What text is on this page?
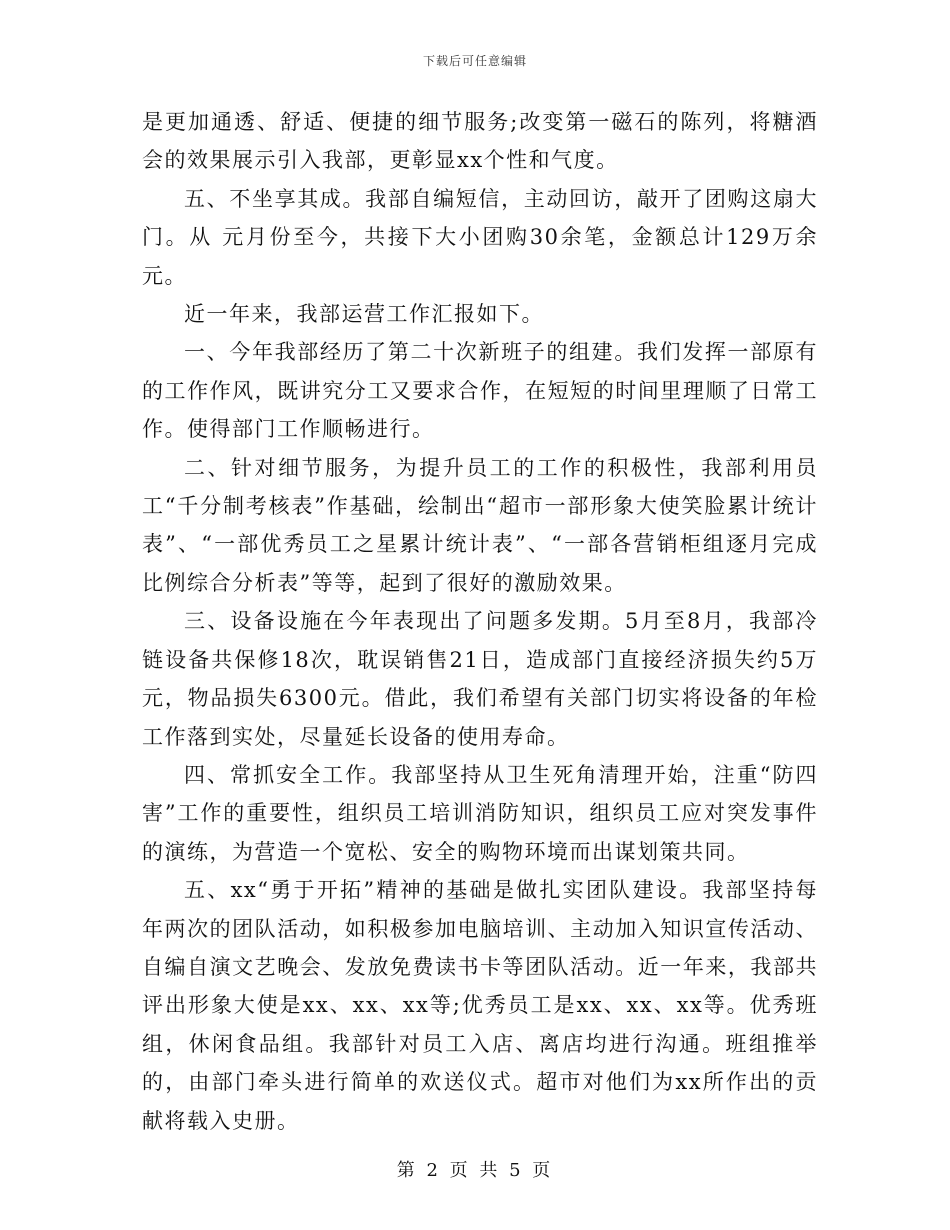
下载后可任意编辑

是更加通透、舒适、便捷的细节服务;改变第一磁石的陈列，将糖酒会的效果展示引入我部，更彰显xx个性和气度。

五、不坐享其成。我部自编短信，主动回访，敲开了团购这扇大门。从 元月份至今，共接下大小团购30余笔，金额总计129万余元。

近一年来，我部运营工作汇报如下。

一、今年我部经历了第二十次新班子的组建。我们发挥一部原有的工作作风，既讲究分工又要求合作，在短短的时间里理顺了日常工作。使得部门工作顺畅进行。

二、针对细节服务，为提升员工的工作的积极性，我部利用员工“千分制考核表”作基础，绘制出“超市一部形象大使笑脸累计统计表”、“一部优秀员工之星累计统计表”、“一部各营销柜组逐月完成比例综合分析表”等等，起到了很好的激励效果。

三、设备设施在今年表现出了问题多发期。5月至8月，我部冷链设备共保修18次，耽误销售21日，造成部门直接经济损失约5万元，物品损失6300元。借此，我们希望有关部门切实将设备的年检工作落到实处，尽量延长设备的使用寿命。

四、常抓安全工作。我部坚持从卫生死角清理开始，注重“防四害”工作的重要性，组织员工培训消防知识，组织员工应对突发事件的演练，为营造一个宽松、安全的购物环境而出谋划策共同。

五、xx“勇于开拓”精神的基础是做扎实团队建设。我部坚持每年两次的团队活动，如积极参加电脑培训、主动加入知识宣传活动、自编自演文艺晚会、发放免费读书卡等团队活动。近一年来，我部共评出形象大使是xx、xx、xx等;优秀员工是xx、xx、xx等。优秀班组，休闲食品组。我部针对员工入店、离店均进行沟通。班组推举的，由部门牵头进行简单的欢送仪式。超市对他们为xx所作出的贡献将载入史册。

第 2 页 共 5 页
